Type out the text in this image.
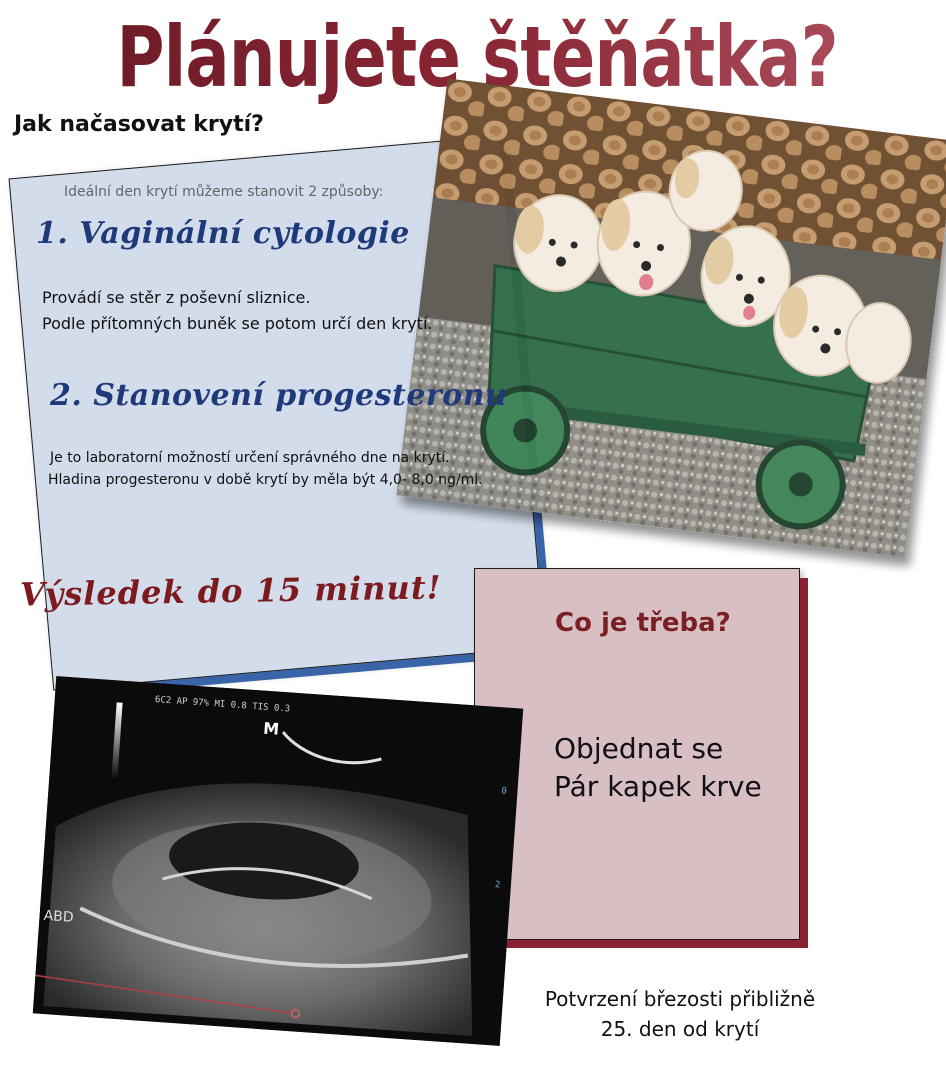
Plánujete štěňátka?
Jak načasovat krytí?
Ideální den krytí můžeme stanovit 2 způsoby:
1. Vaginální cytologie
Provádí se stěr z poševní sliznice.
Podle přítomných buněk se potom určí den krytí.
2. Stanovení progesteronu
Je to laboratorní možností určení správného dne na krytí.
Hladina progesteronu v době krytí by měla být 4,0- 8,0 ng/ml.
Výsledek do 15 minut!
Co je třeba?
Objednat se
Pár kapek krve
0
2
6C2 AP 97% MI 0.8 TIS 0.3
M
ABD
Potvrzení březosti přibližně
25. den od krytí
